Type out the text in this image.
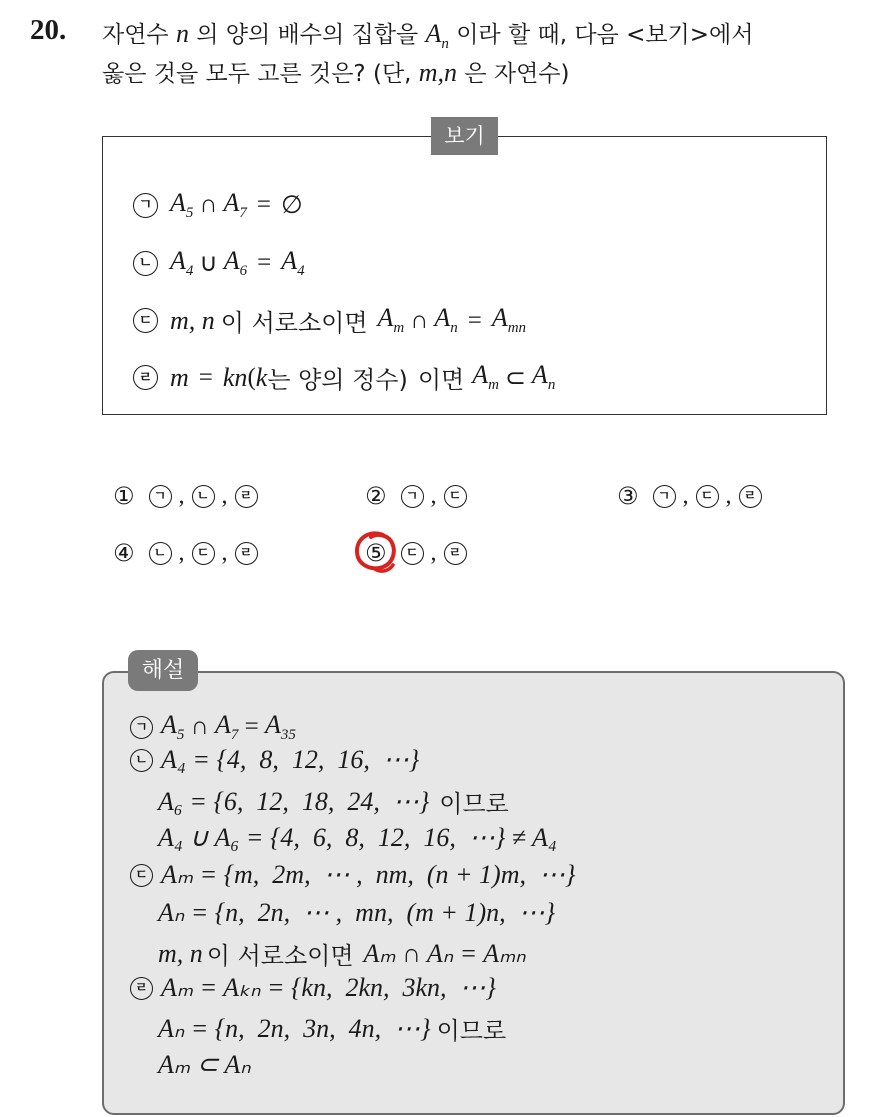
20. 자연수 n 의 양의 배수의 집합을 $A_n$ 이라 할 때, 다음 <보기>에서
옳은 것을 모두 고른 것은? (단, m,n 은 자연수)
보기
ㄱ $A_5$ ∩ $A_7$ = ∅
ㄴ $A_4$ ∪ $A_6 = A_4$
ㄷ m, n 이 서로소이면 $A_m$ ∩ $A_n = A_{mn}$
ㄹ m = kn ( k 는 양의 정수) 이면 $A_m$ ⊂ $A_n$
①	ㄱ , ㄴ , ㄹ	②	ㄱ , ㄷ	③	ㄱ , ㄷ , ㄹ
④	ㄴ , ㄷ , ㄹ	⑤	ㄷ , ㄹ
해설
ㄱ $A_5$ ∩ $A_7 = A_{35}$
ㄴ A₄ = {4,  8,  12,  16,  ⋯}
A₆ = {6,  12,  18,  24,  ⋯} 이므로
A₄ ∪ A₆ = {4,  6,  8,  12,  16,  ⋯} ≠ A₄
ㄷ Aₘ = {m,  2m,  ⋯ ,  nm,  (n + 1)m,  ⋯}
Aₙ = {n,  2n,  ⋯ ,  mn,  (m + 1)n,  ⋯}
m, n 이 서로소이면 Aₘ ∩ Aₙ = Aₘₙ
ㄹ Aₘ = Aₖₙ = {kn,  2kn,  3kn,  ⋯}
Aₙ = {n,  2n,  3n,  4n,  ⋯} 이므로
Aₘ ⊂ Aₙ
